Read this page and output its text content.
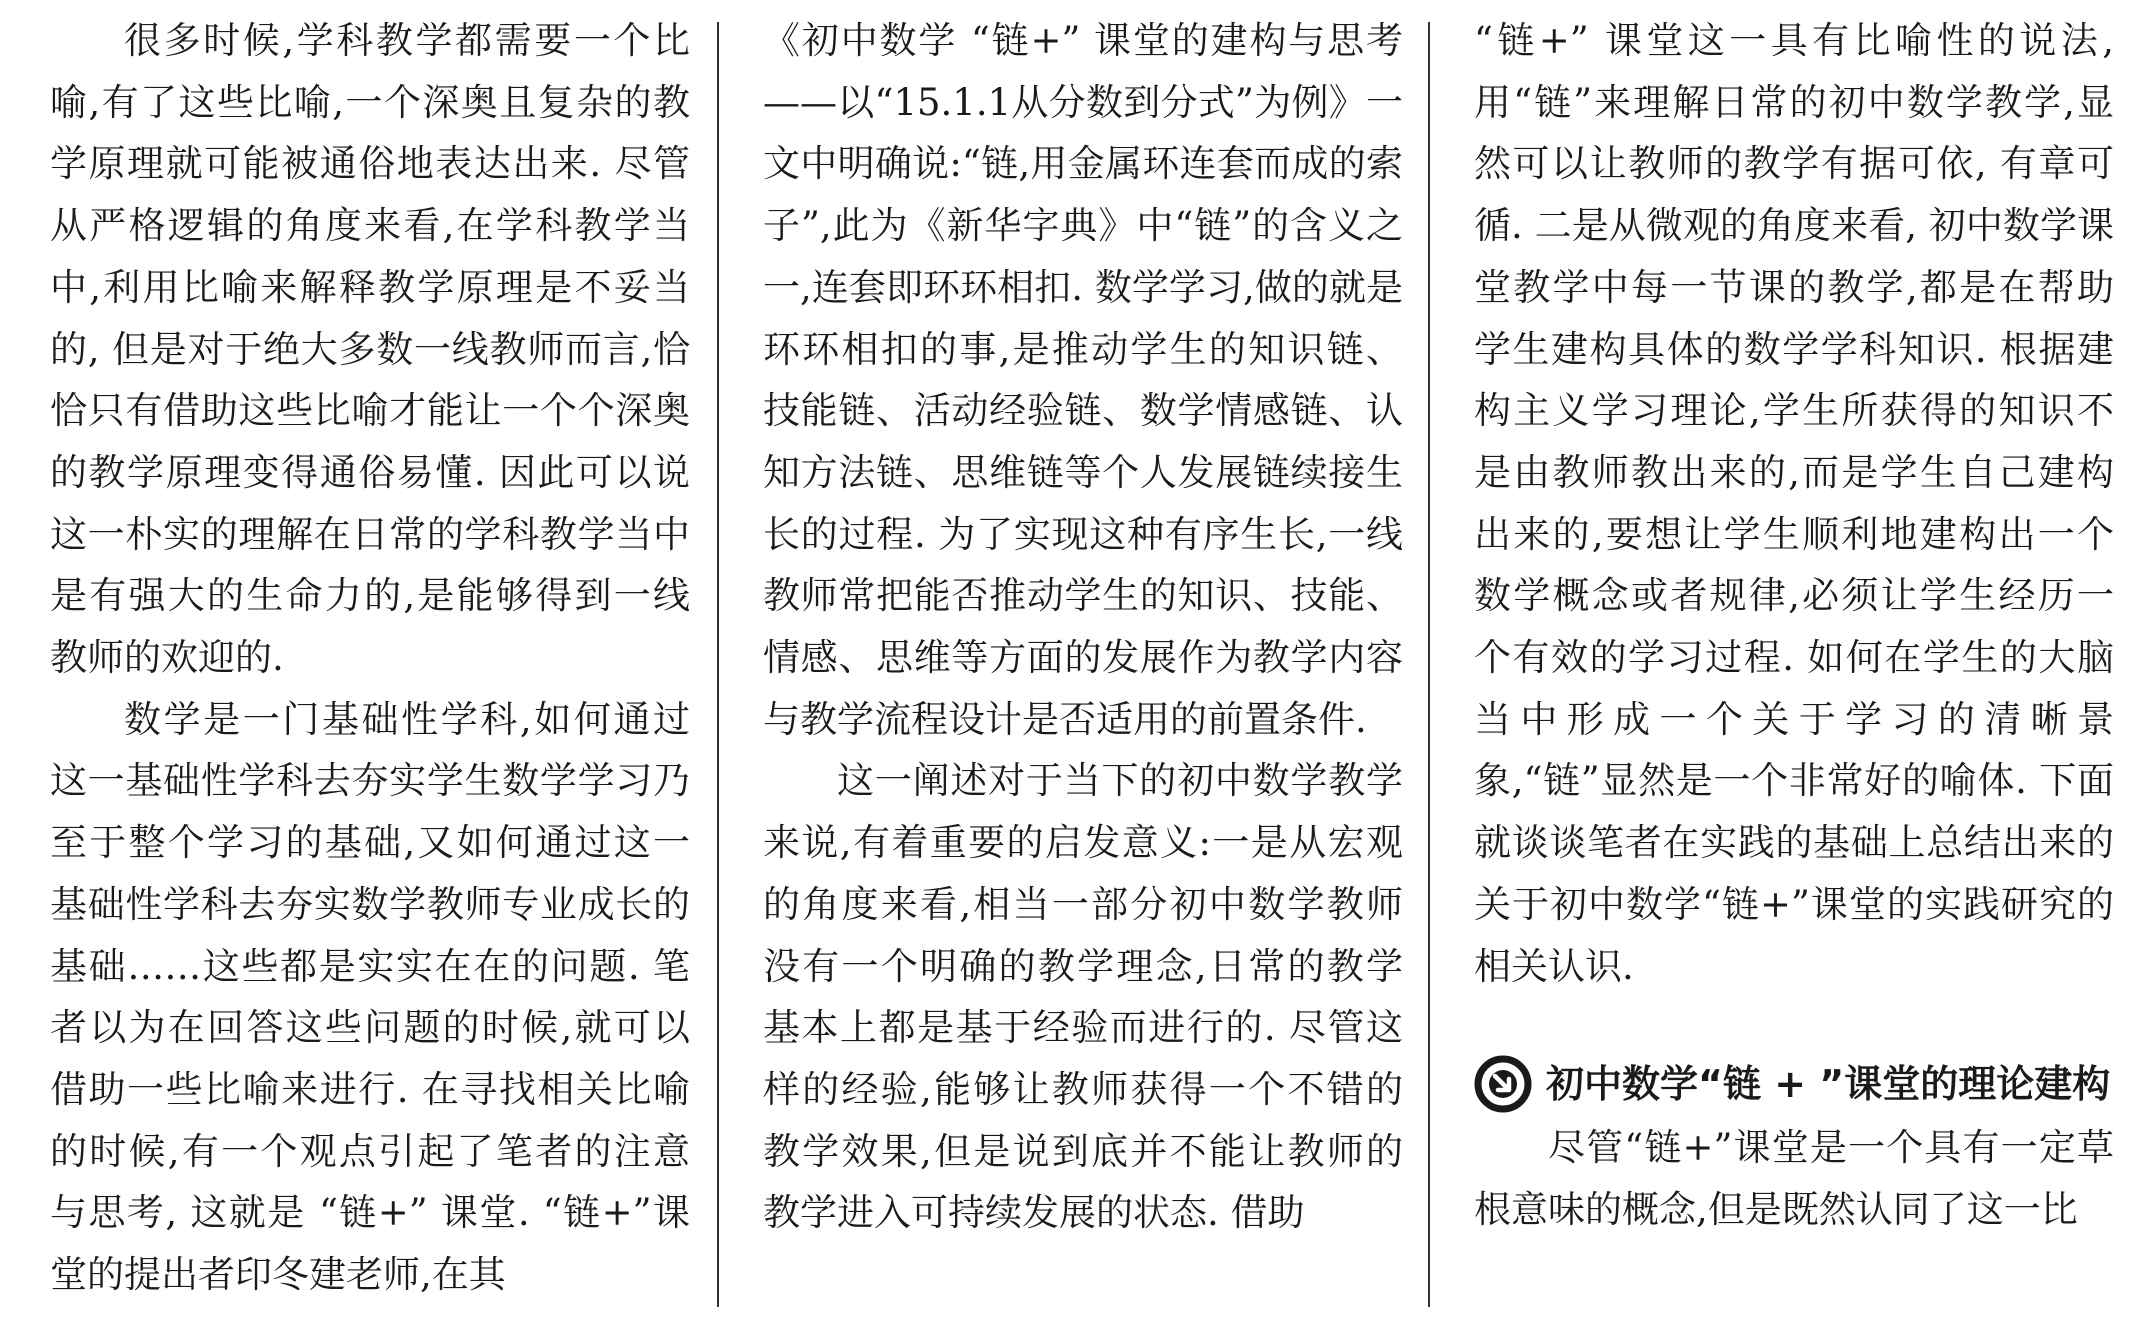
很多时候,学科教学都需要一个比喻,有了这些比喻,一个深奥且复杂的教学原理就可能被通俗地表达出来. 尽管从严格逻辑的角度来看,在学科教学当中,利用比喻来解释教学原理是不妥当的, 但是对于绝大多数一线教师而言,恰恰只有借助这些比喻才能让一个个深奥的教学原理变得通俗易懂. 因此可以说这一朴实的理解在日常的学科教学当中是有强大的生命力的,是能够得到一线教师的欢迎的.

数学是一门基础性学科,如何通过这一基础性学科去夯实学生数学学习乃至于整个学习的基础,又如何通过这一基础性学科去夯实数学教师专业成长的基础……这些都是实实在在的问题. 笔者以为在回答这些问题的时候,就可以借助一些比喻来进行. 在寻找相关比喻的时候,有一个观点引起了笔者的注意与思考, 这就是 “链+” 课堂. “链+”课堂的提出者印冬建老师,在其

《初中数学 “链+” 课堂的建构与思考——以“15.1.1从分数到分式”为例》一文中明确说:“链,用金属环连套而成的索子”,此为《新华字典》中“链”的含义之一,连套即环环相扣. 数学学习,做的就是环环相扣的事,是推动学生的知识链、技能链、活动经验链、数学情感链、认知方法链、思维链等个人发展链续接生长的过程. 为了实现这种有序生长,一线教师常把能否推动学生的知识、技能、情感、思维等方面的发展作为教学内容与教学流程设计是否适用的前置条件.

这一阐述对于当下的初中数学教学来说,有着重要的启发意义:一是从宏观的角度来看,相当一部分初中数学教师没有一个明确的教学理念,日常的教学基本上都是基于经验而进行的. 尽管这样的经验,能够让教师获得一个不错的教学效果,但是说到底并不能让教师的教学进入可持续发展的状态. 借助

“链+” 课堂这一具有比喻性的说法,用“链”来理解日常的初中数学教学,显然可以让教师的教学有据可依, 有章可循. 二是从微观的角度来看, 初中数学课堂教学中每一节课的教学,都是在帮助学生建构具体的数学学科知识. 根据建构主义学习理论,学生所获得的知识不是由教师教出来的,而是学生自己建构出来的,要想让学生顺利地建构出一个数学概念或者规律,必须让学生经历一个有效的学习过程. 如何在学生的大脑当中形成一个关于学习的清晰景象,“链”显然是一个非常好的喻体. 下面就谈谈笔者在实践的基础上总结出来的关于初中数学“链+”课堂的实践研究的相关认识.

初中数学“链 + ”课堂的理论建构

尽管“链+”课堂是一个具有一定草根意味的概念,但是既然认同了这一比
